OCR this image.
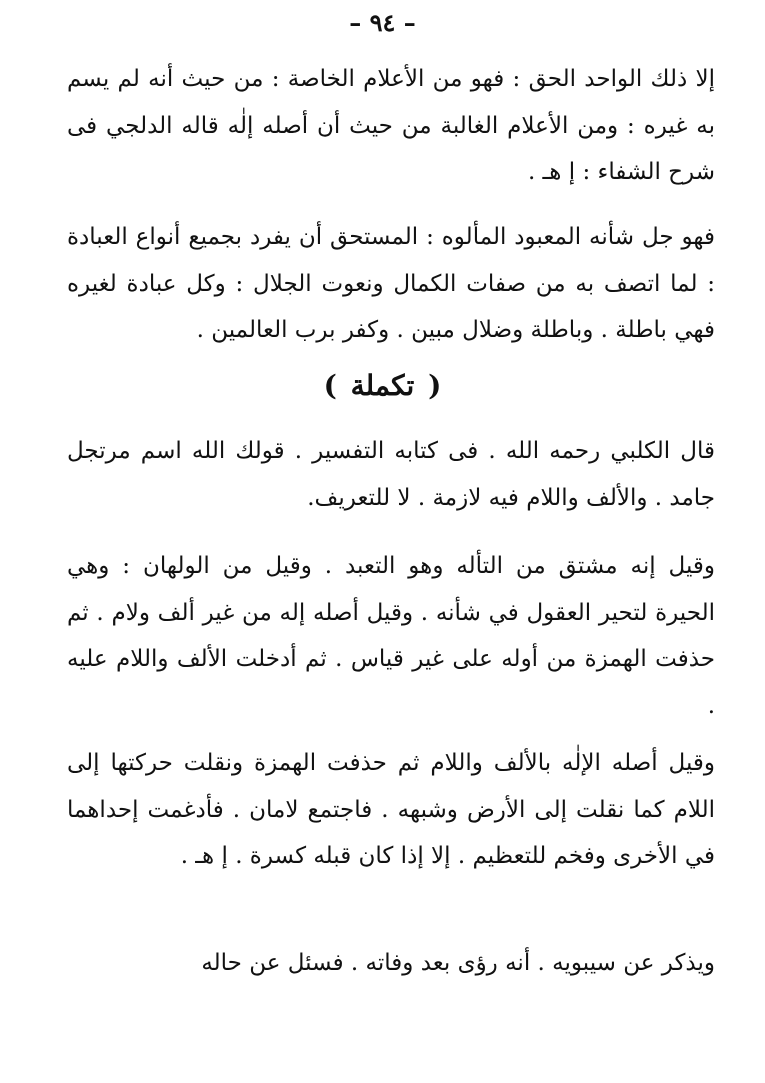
– ٩٤ –

إلا ذلك الواحد الحق : فهو من الأعلام الخاصة : من حيث أنه لم يسم به غيره : ومن الأعلام الغالبة من حيث أن أصله إلٰه قاله الدلجي فى شرح الشفاء : إ هـ .

فهو جل شأنه المعبود المألوه : المستحق أن يفرد بجميع أنواع العبادة : لما اتصف به من صفات الكمال ونعوت الجلال : وكل عبادة لغيره فهي باطلة . وباطلة وضلال مبين . وكفر برب العالمين .

( تكملة )

قال الكلبي رحمه الله . فى كتابه التفسير . قولك الله اسم مرتجل جامد . والألف واللام فيه لازمة . لا للتعريف.

وقيل إنه مشتق من التأله وهو التعبد . وقيل من الولهان : وهي الحيرة لتحير العقول في شأنه . وقيل أصله إله من غير ألف ولام . ثم حذفت الهمزة من أوله على غير قياس . ثم أدخلت الألف واللام عليه .

وقيل أصله الإلٰه بالألف واللام ثم حذفت الهمزة ونقلت حركتها إلى اللام كما نقلت إلى الأرض وشبهه . فاجتمع لامان . فأدغمت إحداهما في الأخرى وفخم للتعظيم . إلا إذا كان قبله كسرة . إ هـ .

ويذكر عن سيبويه . أنه رؤى بعد وفاته . فسئل عن حاله
